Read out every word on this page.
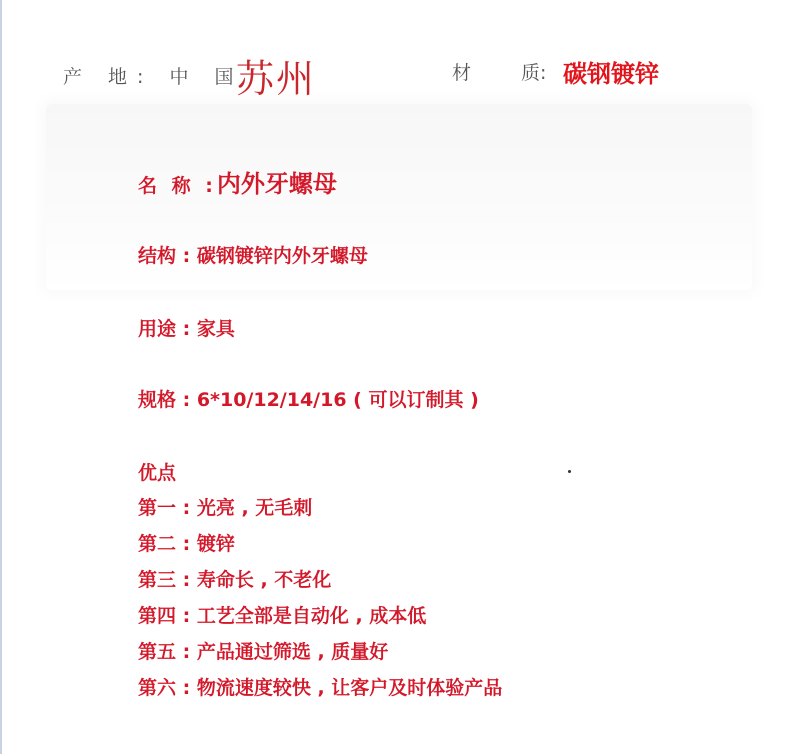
产 地: 中 国
苏州	材	质: 碳钢镀锌
名 称 :内外牙螺母
结构 : 碳钢镀锌内外牙螺母
用途 : 家具
规格 : 6*10/12/14/16 ( 可以订制其 )
优点
第一 : 光亮 , 无毛刺
第二 : 镀锌
第三 : 寿命长 , 不老化
第四 : 工艺全部是自动化 , 成本低
第五 : 产品通过筛选 , 质量好
第六 : 物流速度较快 , 让客户及时体验产品
